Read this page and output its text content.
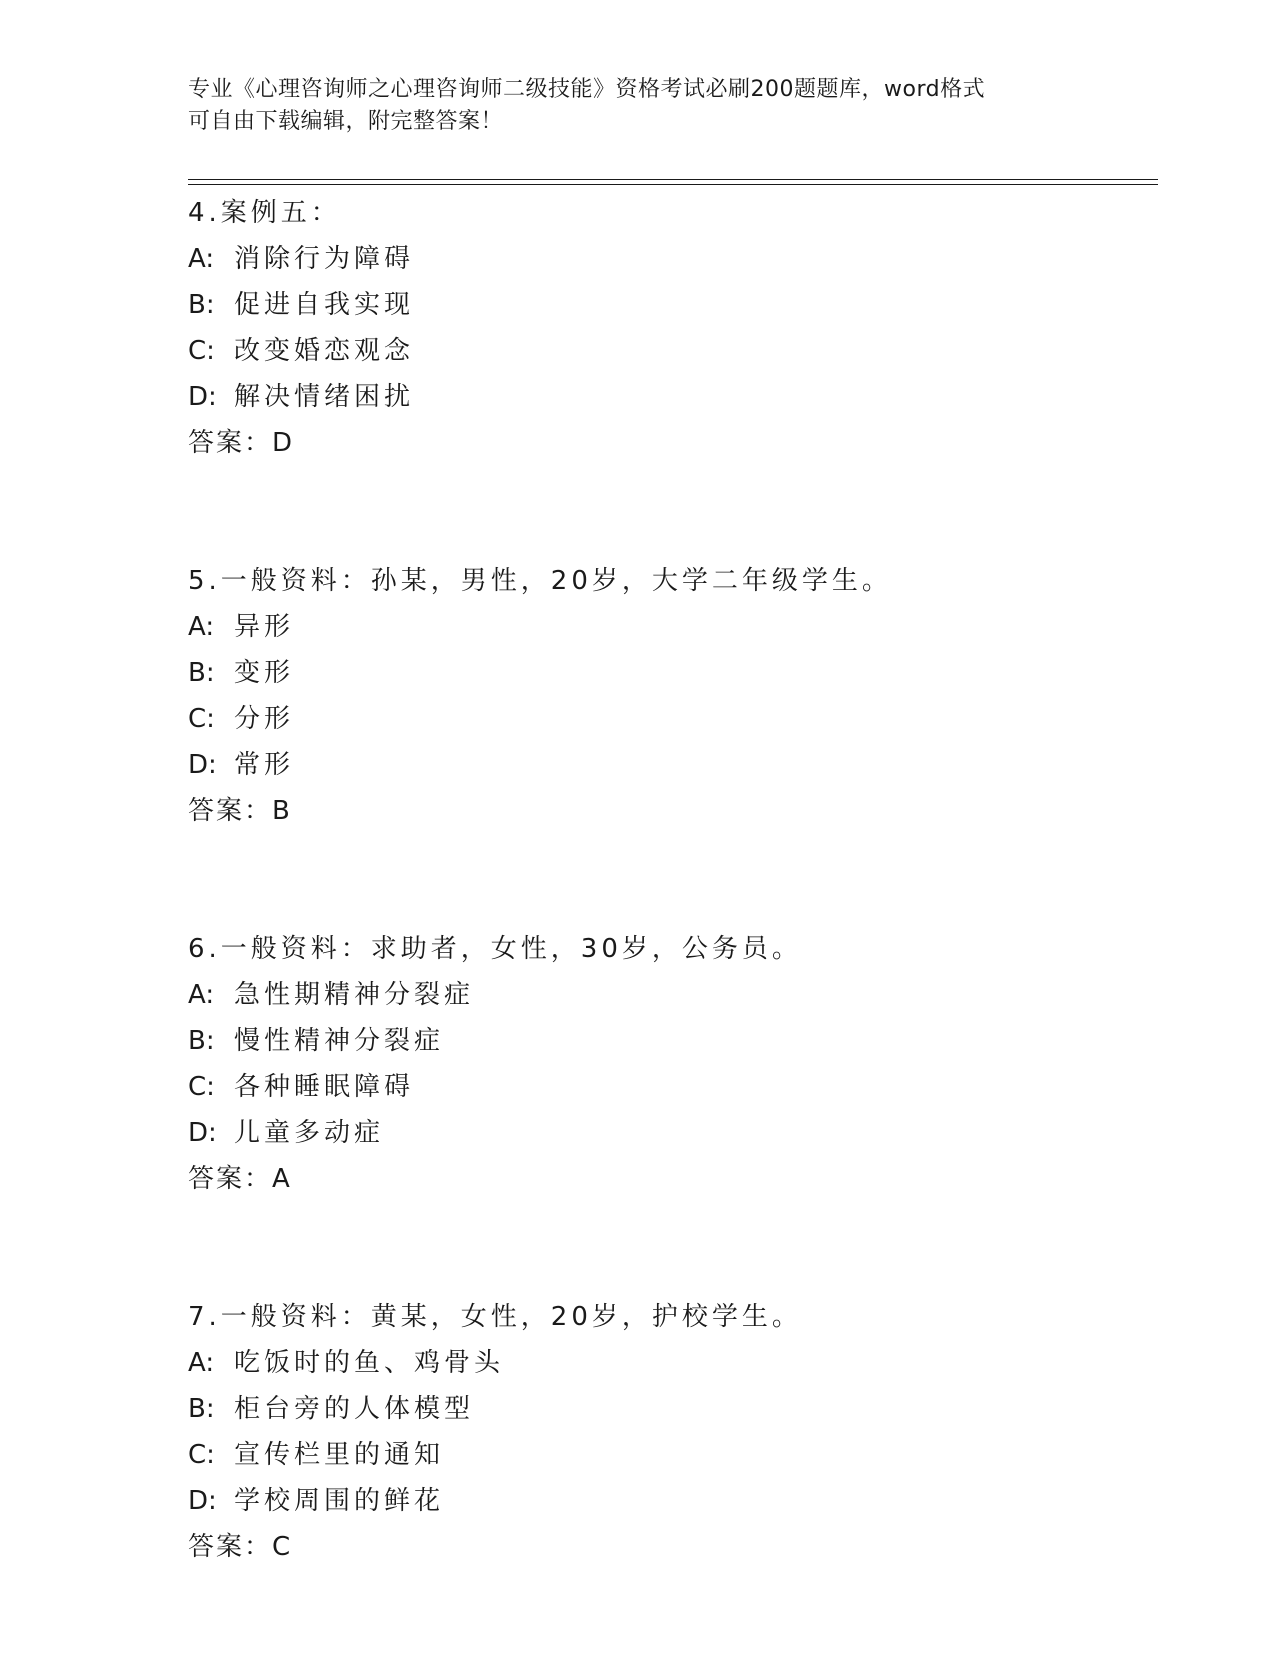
专业《心理咨询师之心理咨询师二级技能》资格考试必刷200题题库，word格式
可自由下载编辑，附完整答案！
4.案例五：
A: 消除行为障碍
B: 促进自我实现
C: 改变婚恋观念
D: 解决情绪困扰
答案：D
5.一般资料：孙某，男性，20岁，大学二年级学生。
A: 异形
B: 变形
C: 分形
D: 常形
答案：B
6.一般资料：求助者，女性，30岁，公务员。
A: 急性期精神分裂症
B: 慢性精神分裂症
C: 各种睡眠障碍
D: 儿童多动症
答案：A
7.一般资料：黄某，女性，20岁，护校学生。
A: 吃饭时的鱼、鸡骨头
B: 柜台旁的人体模型
C: 宣传栏里的通知
D: 学校周围的鲜花
答案：C
